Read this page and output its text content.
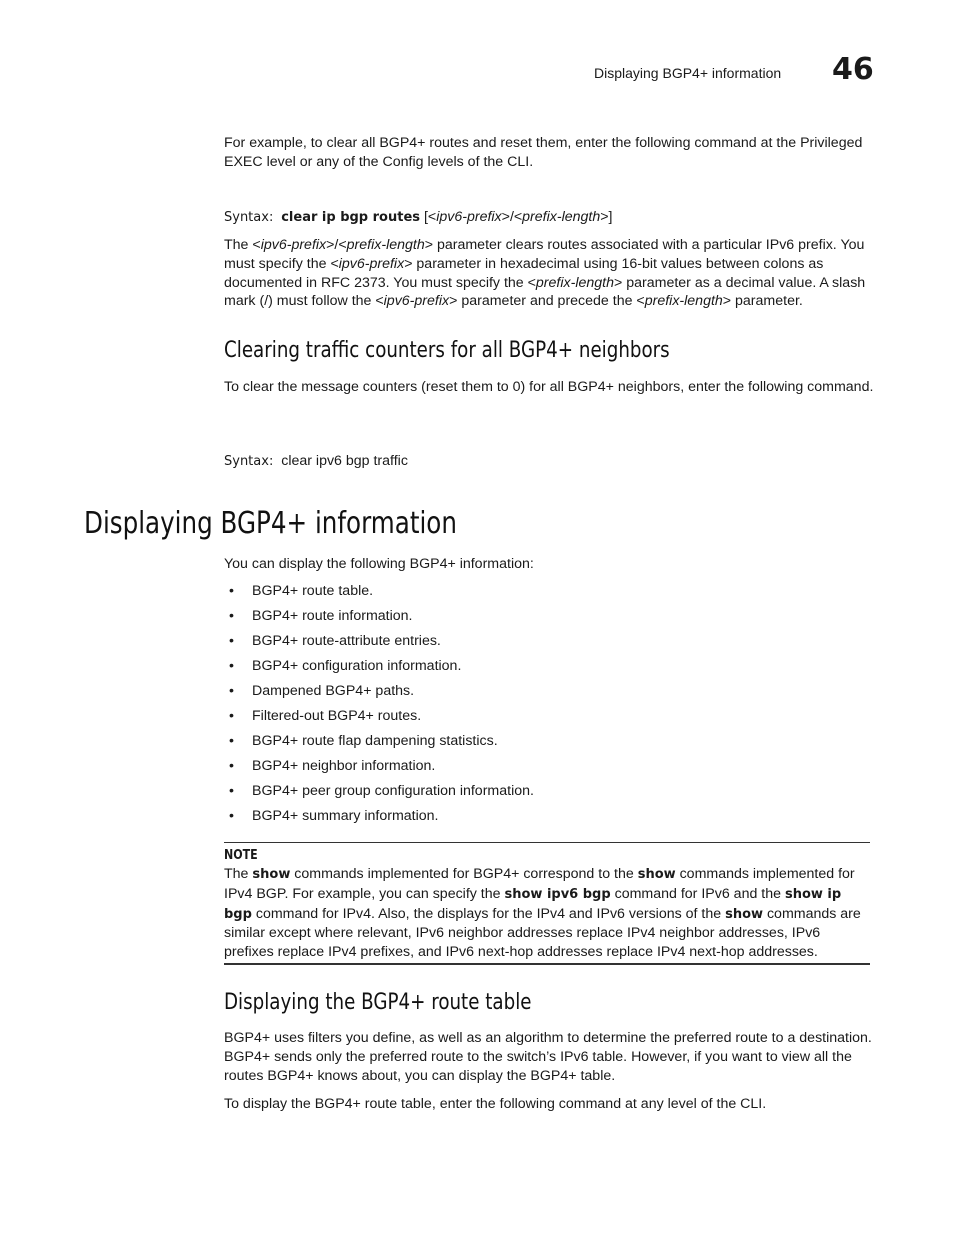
Displaying BGP4+ information 46
For example, to clear all BGP4+ routes and reset them, enter the following command at the Privileged EXEC level or any of the Config levels of the CLI.
Syntax: clear ip bgp routes [<ipv6-prefix>/<prefix-length>]
The <ipv6-prefix>/<prefix-length> parameter clears routes associated with a particular IPv6 prefix. You must specify the <ipv6-prefix> parameter in hexadecimal using 16-bit values between colons as documented in RFC 2373. You must specify the <prefix-length> parameter as a decimal value. A slash mark (/) must follow the <ipv6-prefix> parameter and precede the <prefix-length> parameter.
Clearing traffic counters for all BGP4+ neighbors
To clear the message counters (reset them to 0) for all BGP4+ neighbors, enter the following command.
Syntax: clear ipv6 bgp traffic
Displaying BGP4+ information
You can display the following BGP4+ information:
• BGP4+ route table.
• BGP4+ route information.
• BGP4+ route-attribute entries.
• BGP4+ configuration information.
• Dampened BGP4+ paths.
• Filtered-out BGP4+ routes.
• BGP4+ route flap dampening statistics.
• BGP4+ neighbor information.
• BGP4+ peer group configuration information.
• BGP4+ summary information.
NOTE
The show commands implemented for BGP4+ correspond to the show commands implemented for IPv4 BGP. For example, you can specify the show ipv6 bgp command for IPv6 and the show ip bgp command for IPv4. Also, the displays for the IPv4 and IPv6 versions of the show commands are similar except where relevant, IPv6 neighbor addresses replace IPv4 neighbor addresses, IPv6 prefixes replace IPv4 prefixes, and IPv6 next-hop addresses replace IPv4 next-hop addresses.
Displaying the BGP4+ route table
BGP4+ uses filters you define, as well as an algorithm to determine the preferred route to a destination. BGP4+ sends only the preferred route to the switch’s IPv6 table. However, if you want to view all the routes BGP4+ knows about, you can display the BGP4+ table.
To display the BGP4+ route table, enter the following command at any level of the CLI.
